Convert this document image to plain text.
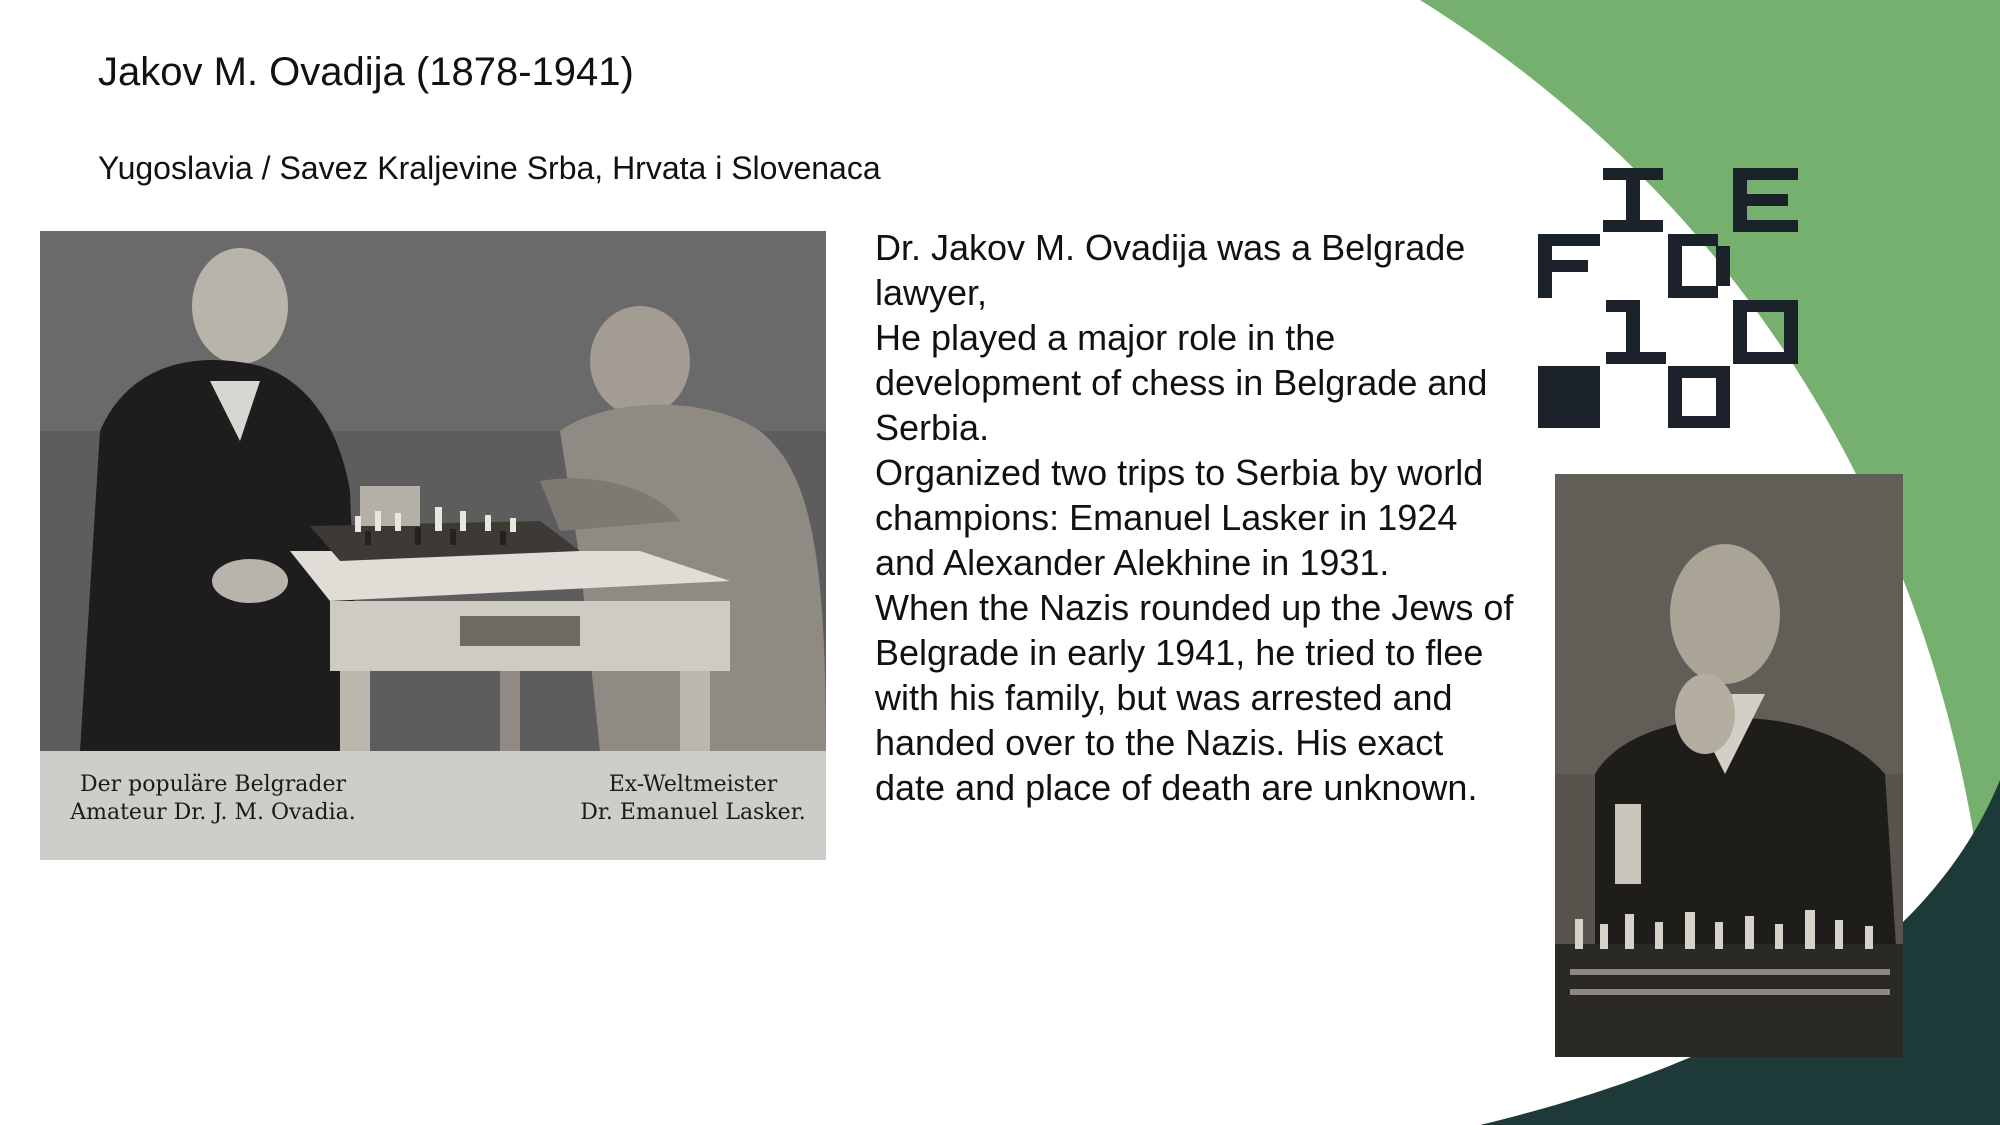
Jakov M. Ovadija (1878-1941)
Yugoslavia / Savez Kraljevine Srba, Hrvata i Slovenaca
Der populäre Belgrader
Amateur Dr. J. M. Ovadia.
Ex-Weltmeister
Dr. Emanuel Lasker.

Dr. Jakov M. Ovadija was a Belgrade lawyer,

He played a major role in the development of chess in Belgrade and Serbia.

Organized two trips to Serbia by world champions: Emanuel Lasker in 1924 and Alexander Alekhine in 1931.

When the Nazis rounded up the Jews of Belgrade in early 1941, he tried to flee with his family, but was arrested and handed over to the Nazis. His exact date and place of death are unknown.
